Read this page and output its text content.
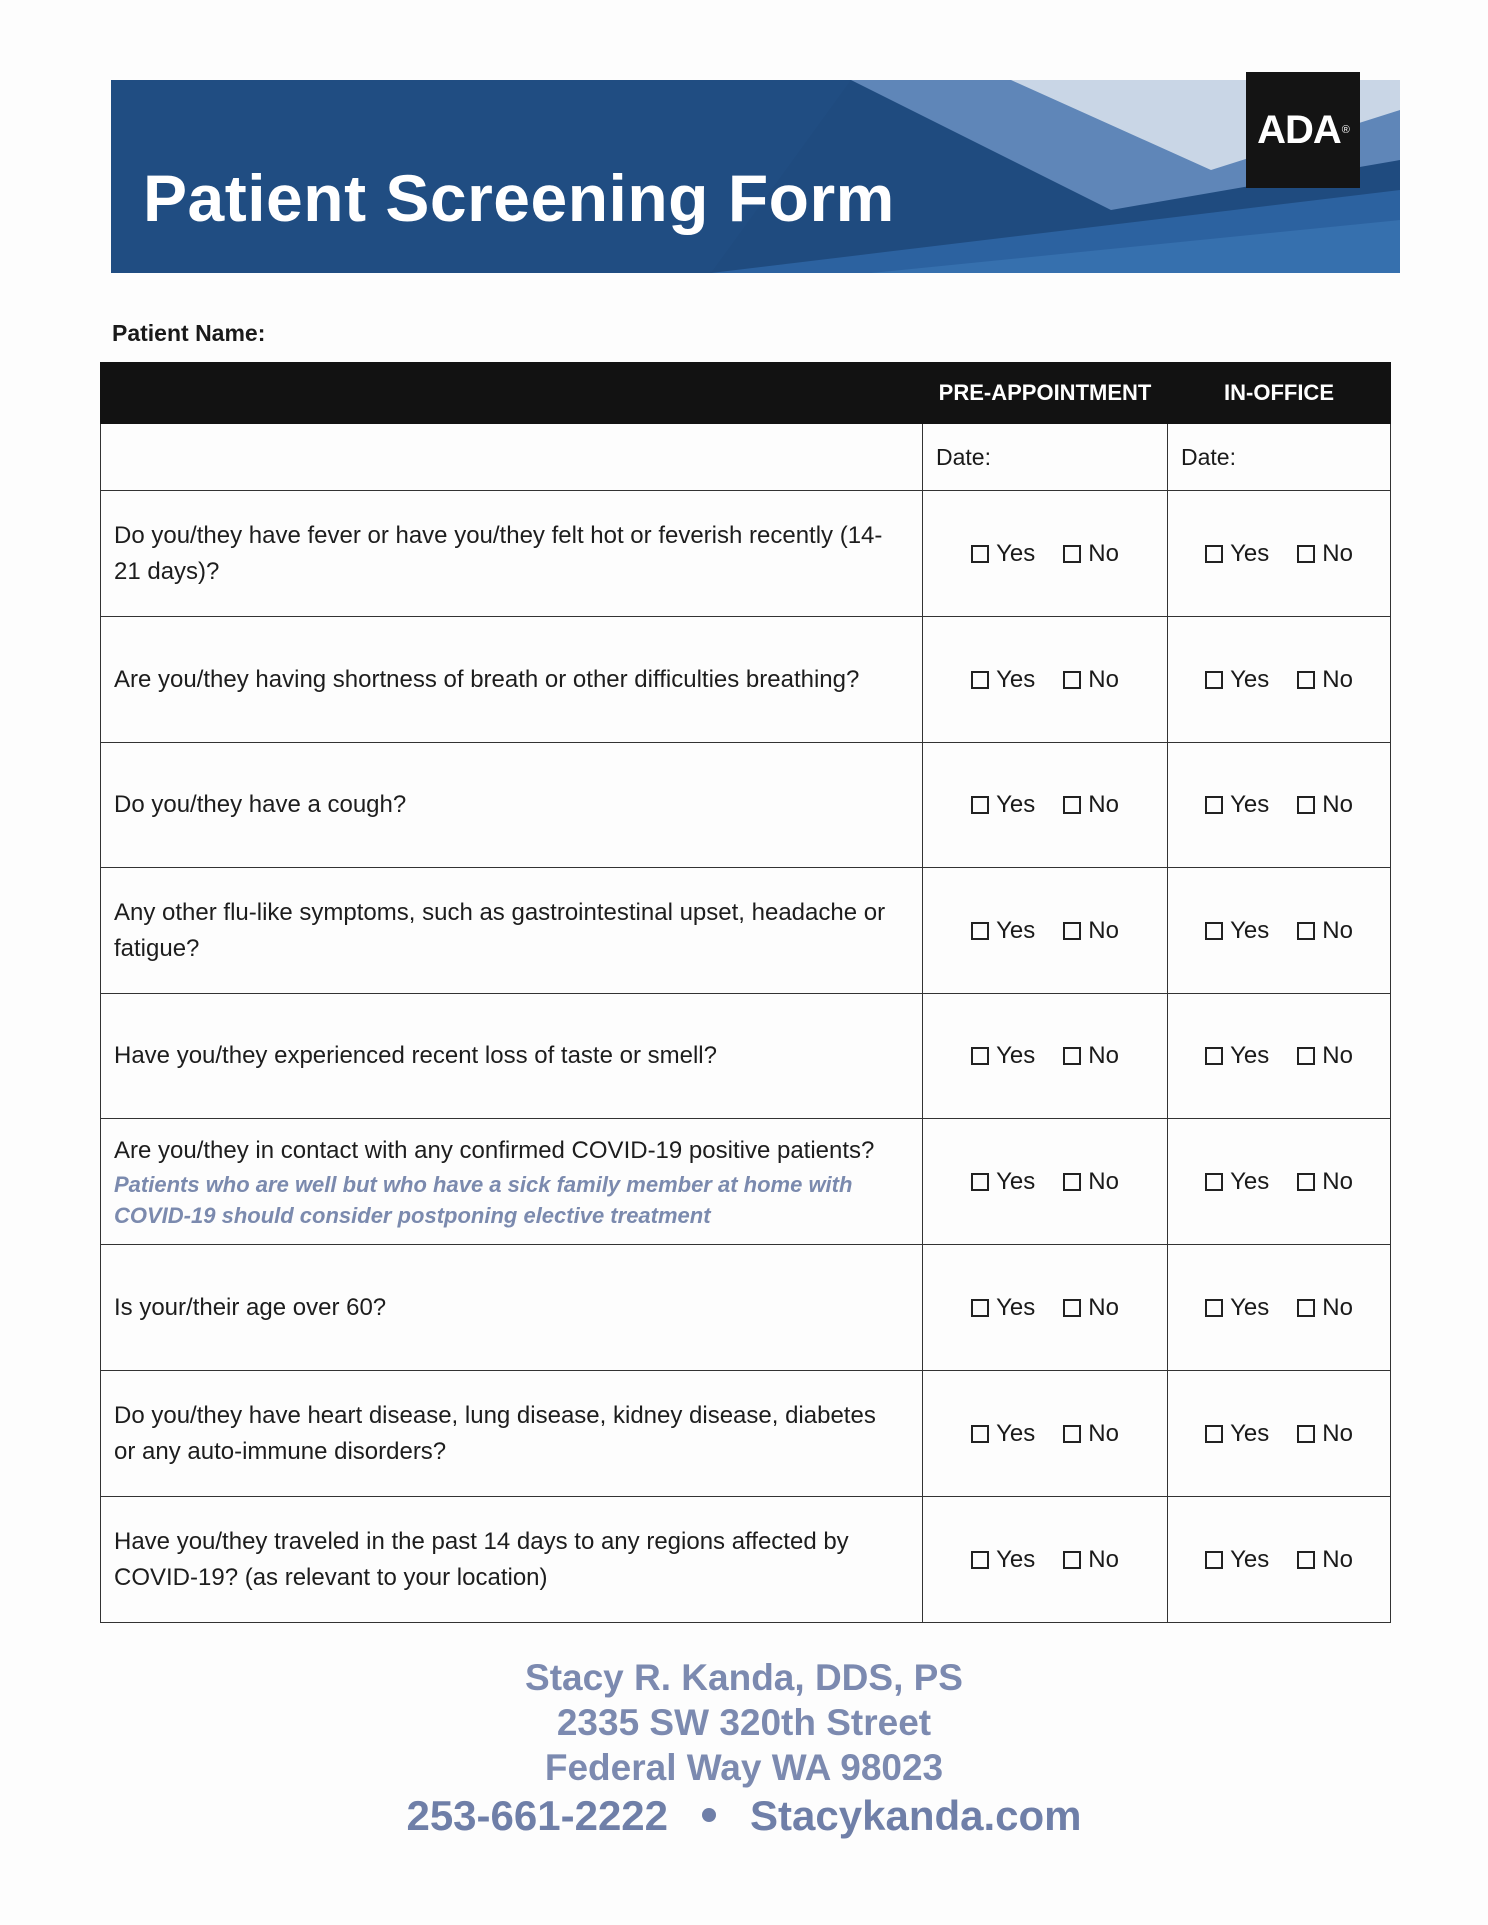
Patient Screening Form
ADA ®
Patient Name:
	PRE-APPOINTMENT	IN-OFFICE
	Date:	Date:
Do you/they have fever or have you/they felt hot or feverish recently (14-21 days)?	Yes No	Yes No

Are you/they having shortness of breath or other difficulties breathing?	Yes No	Yes No

Do you/they have a cough?	Yes No	Yes No

Any other flu-like symptoms, such as gastrointestinal upset, headache or fatigue?	Yes No	Yes No

Have you/they experienced recent loss of taste or smell?	Yes No	Yes No

Are you/they in contact with any confirmed COVID-19 positive patients?
Patients who are well but who have a sick family member at home with COVID-19 should consider postponing elective treatment	Yes No	Yes No

Is your/their age over 60?	Yes No	Yes No

Do you/they have heart disease, lung disease, kidney disease, diabetes or any auto-immune disorders?	Yes No	Yes No

Have you/they traveled in the past 14 days to any regions affected by COVID-19? (as relevant to your location)	Yes No	Yes No
Stacy R. Kanda, DDS, PS
2335 SW 320th Street
Federal Way WA 98023
253-661-2222 Stacykanda.com
